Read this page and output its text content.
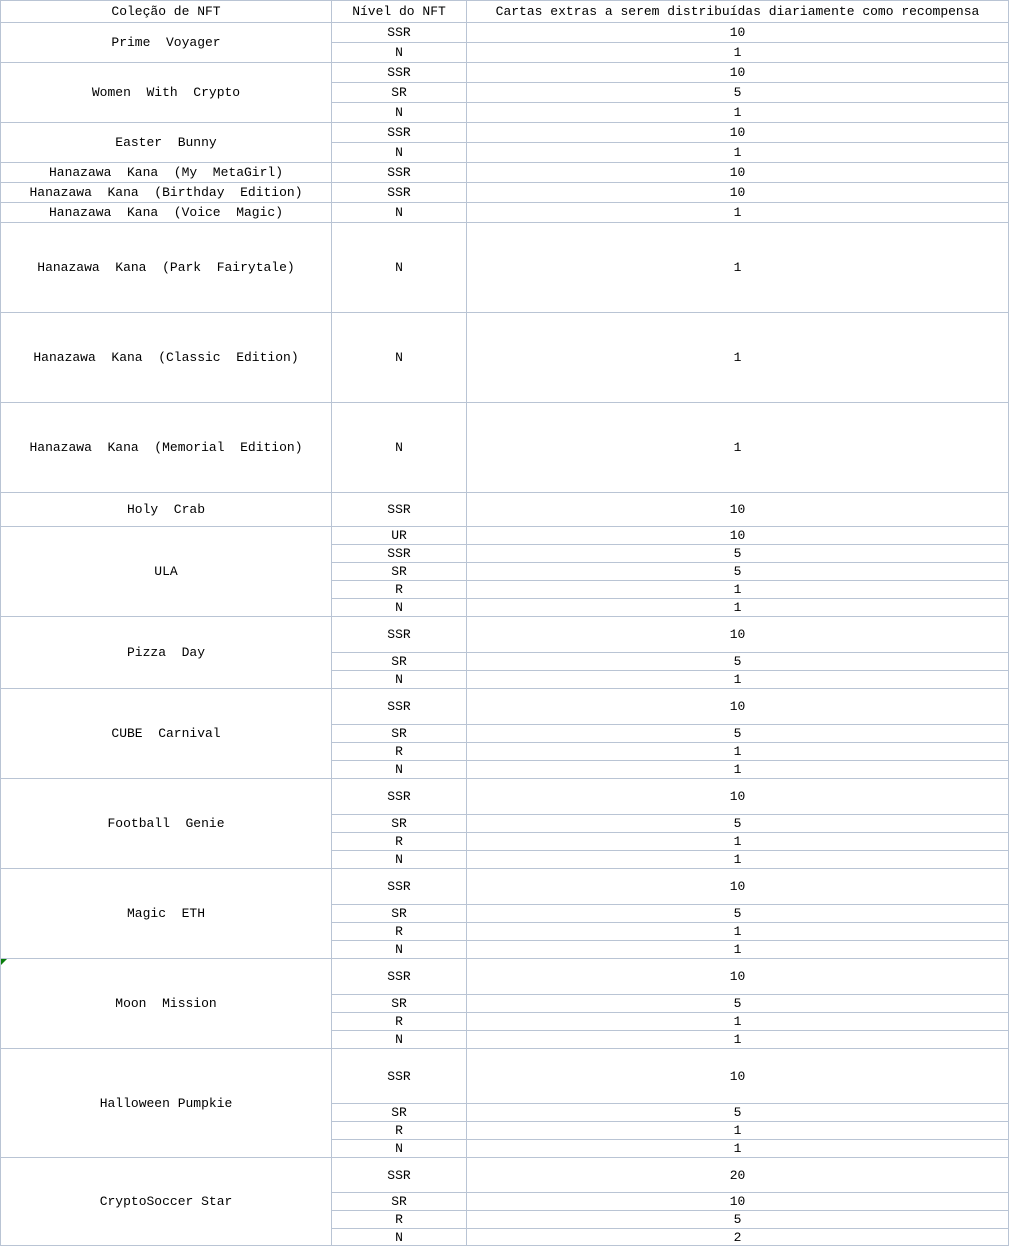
Coleção de NFT	Nível do NFT	Cartas extras a serem distribuídas diariamente como recompensa
Prime  Voyager	SSR	10
	N	1
Women  With  Crypto	SSR	10
	SR	5
	N	1
Easter  Bunny	SSR	10
	N	1
Hanazawa  Kana  (My  MetaGirl)	SSR	10
Hanazawa  Kana  (Birthday  Edition)	SSR	10
Hanazawa  Kana  (Voice  Magic)	N	1
Hanazawa  Kana  (Park  Fairytale)	N	1
Hanazawa  Kana  (Classic  Edition)	N	1
Hanazawa  Kana  (Memorial  Edition)	N	1
Holy  Crab	SSR	10
ULA	UR	10
	SSR	5
	SR	5
	R	1
	N	1
Pizza  Day	SSR	10
	SR	5
	N	1
CUBE  Carnival	SSR	10
	SR	5
	R	1
	N	1
Football  Genie	SSR	10
	SR	5
	R	1
	N	1
Magic  ETH	SSR	10
	SR	5
	R	1
	N	1
Moon  Mission	SSR	10
	SR	5
	R	1
	N	1
Halloween Pumpkie	SSR	10
	SR	5
	R	1
	N	1
CryptoSoccer Star	SSR	20
	SR	10
	R	5
	N	2
